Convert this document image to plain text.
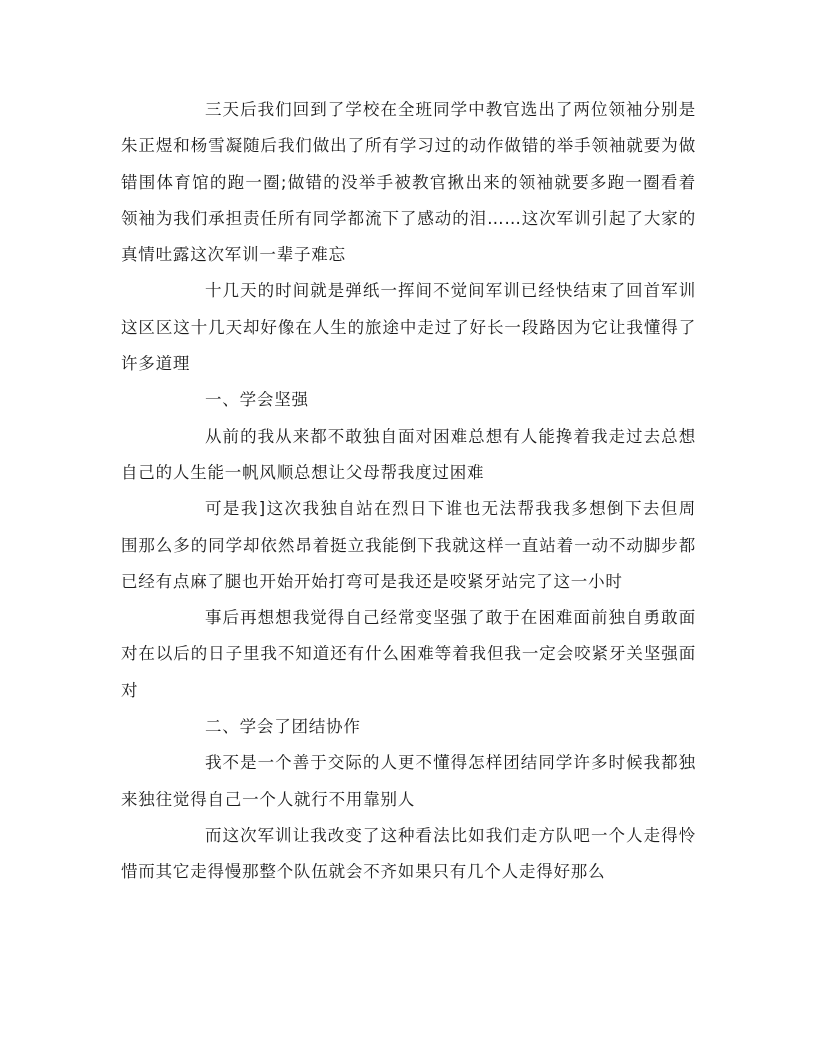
三天后我们回到了学校在全班同学中教官选出了两位领袖分别是朱正煜和杨雪凝随后我们做出了所有学习过的动作做错的举手领袖就要为做错围体育馆的跑一圈;做错的没举手被教官揪出来的领袖就要多跑一圈看着领袖为我们承担责任所有同学都流下了感动的泪……这次军训引起了大家的真情吐露这次军训一辈子难忘

十几天的时间就是弹纸一挥间不觉间军训已经快结束了回首军训这区区这十几天却好像在人生的旅途中走过了好长一段路因为它让我懂得了许多道理

一、学会坚强

从前的我从来都不敢独自面对困难总想有人能搀着我走过去总想自己的人生能一帆风顺总想让父母帮我度过困难

可是我]这次我独自站在烈日下谁也无法帮我我多想倒下去但周围那么多的同学却依然昂着挺立我能倒下我就这样一直站着一动不动脚步都已经有点麻了腿也开始开始打弯可是我还是咬紧牙站完了这一小时

事后再想想我觉得自己经常变坚强了敢于在困难面前独自勇敢面对在以后的日子里我不知道还有什么困难等着我但我一定会咬紧牙关坚强面对

二、学会了团结协作

我不是一个善于交际的人更不懂得怎样团结同学许多时候我都独来独往觉得自己一个人就行不用靠别人

而这次军训让我改变了这种看法比如我们走方队吧一个人走得怜惜而其它走得慢那整个队伍就会不齐如果只有几个人走得好那么
